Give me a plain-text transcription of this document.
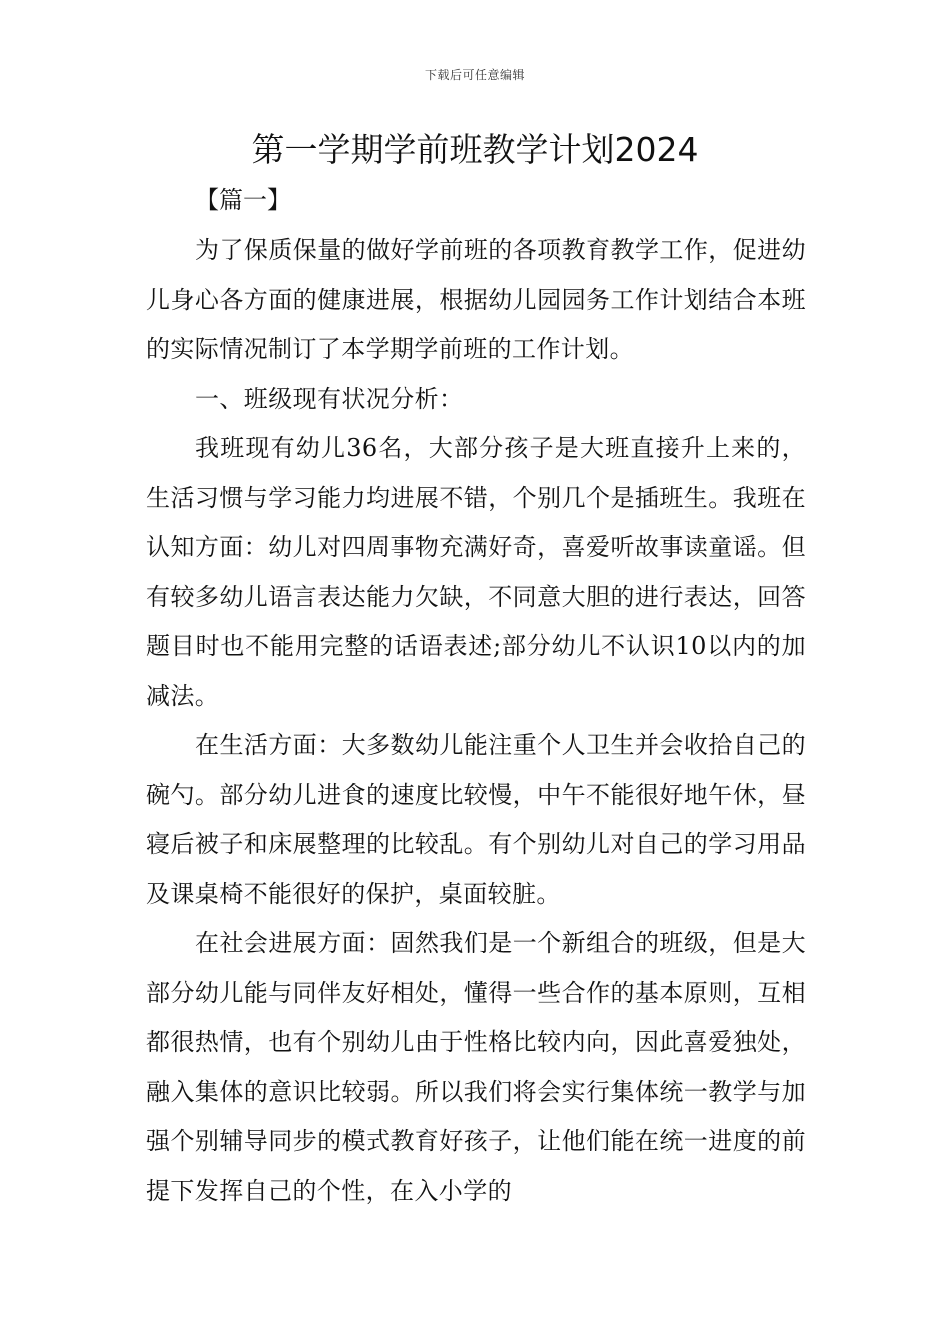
下载后可任意编辑
第一学期学前班教学计划2024
【篇一】

为了保质保量的做好学前班的各项教育教学工作，促进幼儿身心各方面的健康进展，根据幼儿园园务工作计划结合本班的实际情况制订了本学期学前班的工作计划。

一、班级现有状况分析：

我班现有幼儿36名，大部分孩子是大班直接升上来的，生活习惯与学习能力均进展不错，个别几个是插班生。我班在认知方面：幼儿对四周事物充满好奇，喜爱听故事读童谣。但有较多幼儿语言表达能力欠缺，不同意大胆的进行表达，回答题目时也不能用完整的话语表述;部分幼儿不认识10以内的加减法。

在生活方面：大多数幼儿能注重个人卫生并会收拾自己的碗勺。部分幼儿进食的速度比较慢，中午不能很好地午休，昼寝后被子和床展整理的比较乱。有个别幼儿对自己的学习用品及课桌椅不能很好的保护，桌面较脏。

在社会进展方面：固然我们是一个新组合的班级，但是大部分幼儿能与同伴友好相处，懂得一些合作的基本原则，互相都很热情，也有个别幼儿由于性格比较内向，因此喜爱独处，融入集体的意识比较弱。所以我们将会实行集体统一教学与加强个别辅导同步的模式教育好孩子，让他们能在统一进度的前提下发挥自己的个性，在入小学的
